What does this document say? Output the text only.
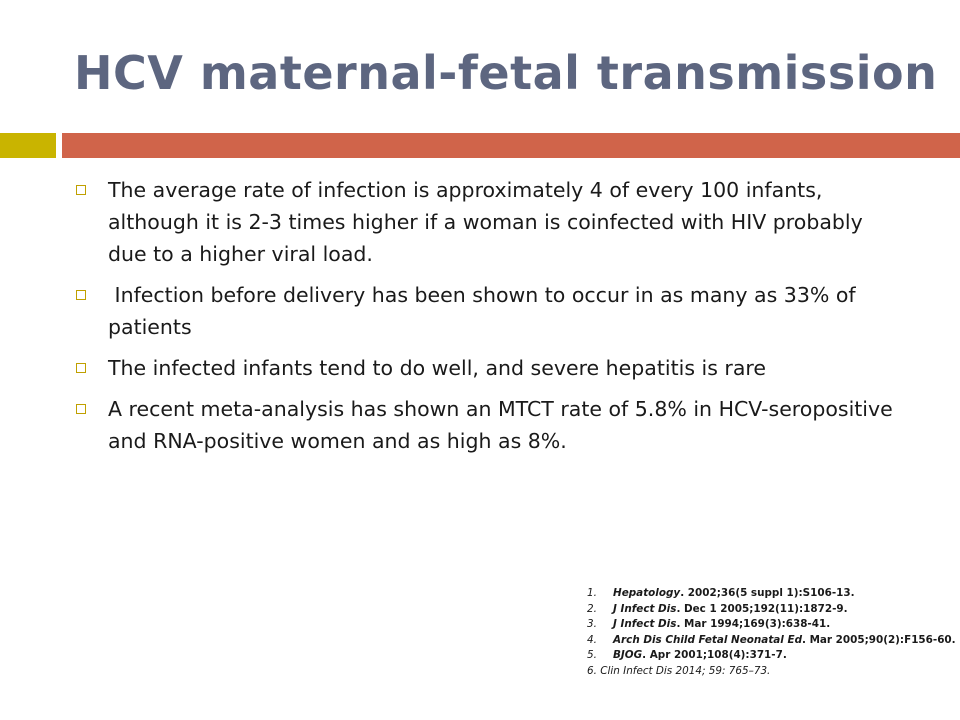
HCV maternal-fetal transmission
The average rate of infection is approximately 4 of every 100 infants, although it is 2-3 times higher if a woman is coinfected with HIV probably due to a higher viral load.
Infection before delivery has been shown to occur in as many as 33% of patients
The infected infants tend to do well, and severe hepatitis is rare
A recent meta-analysis has shown an MTCT rate of 5.8% in HCV-seropositive and RNA-positive women and as high as 8%.
1. Hepatology. 2002;36(5 suppl 1):S106-13.
2. J Infect Dis. Dec 1 2005;192(11):1872-9.
3. J Infect Dis. Mar 1994;169(3):638-41.
4. Arch Dis Child Fetal Neonatal Ed. Mar 2005;90(2):F156-60.
5. BJOG. Apr 2001;108(4):371-7.
6. Clin Infect Dis 2014; 59: 765–73.
